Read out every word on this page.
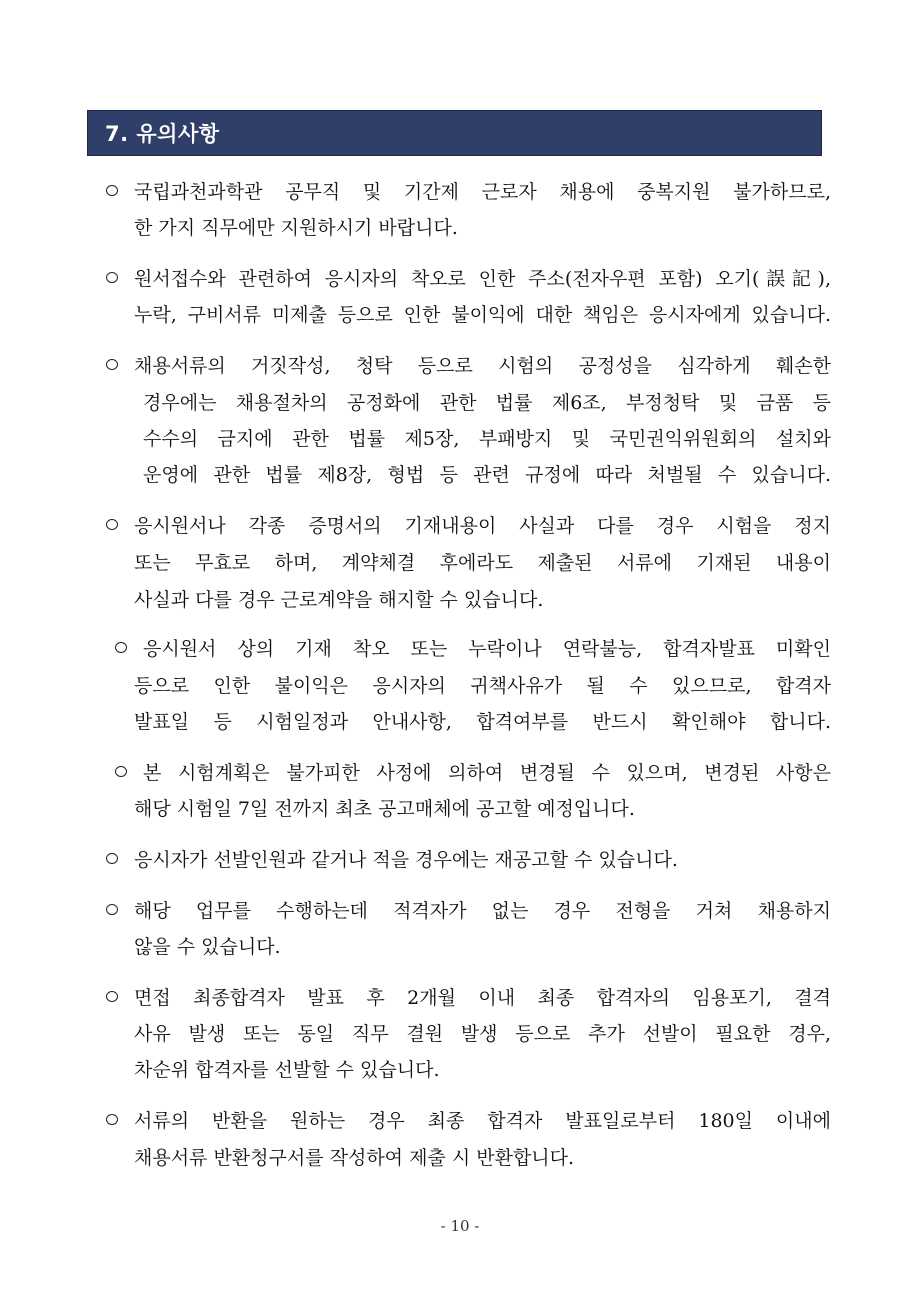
7. 유의사항
국립과천과학관 공무직 및 기간제 근로자 채용에 중복지원 불가하므로,
한 가지 직무에만 지원하시기 바랍니다.
원서접수와 관련하여 응시자의 착오로 인한 주소(전자우편 포함) 오기(誤記),
누락, 구비서류 미제출 등으로 인한 불이익에 대한 책임은 응시자에게 있습니다.
채용서류의 거짓작성, 청탁 등으로 시험의 공정성을 심각하게 훼손한
경우에는 채용절차의 공정화에 관한 법률 제6조, 부정청탁 및 금품 등
수수의 금지에 관한 법률 제5장, 부패방지 및 국민권익위원회의 설치와
운영에 관한 법률 제8장, 형법 등 관련 규정에 따라 처벌될 수 있습니다.
응시원서나 각종 증명서의 기재내용이 사실과 다를 경우 시험을 정지
또는 무효로 하며, 계약체결 후에라도 제출된 서류에 기재된 내용이
사실과 다를 경우 근로계약을 해지할 수 있습니다.
응시원서 상의 기재 착오 또는 누락이나 연락불능, 합격자발표 미확인
등으로 인한 불이익은 응시자의 귀책사유가 될 수 있으므로, 합격자
발표일 등 시험일정과 안내사항, 합격여부를 반드시 확인해야 합니다.
본 시험계획은 불가피한 사정에 의하여 변경될 수 있으며, 변경된 사항은
해당 시험일 7일 전까지 최초 공고매체에 공고할 예정입니다.
응시자가 선발인원과 같거나 적을 경우에는 재공고할 수 있습니다.
해당 업무를 수행하는데 적격자가 없는 경우 전형을 거쳐 채용하지
않을 수 있습니다.
면접 최종합격자 발표 후 2개월 이내 최종 합격자의 임용포기, 결격
사유 발생 또는 동일 직무 결원 발생 등으로 추가 선발이 필요한 경우,
차순위 합격자를 선발할 수 있습니다.
서류의 반환을 원하는 경우 최종 합격자 발표일로부터 180일 이내에
채용서류 반환청구서를 작성하여 제출 시 반환합니다.
- 10 -
